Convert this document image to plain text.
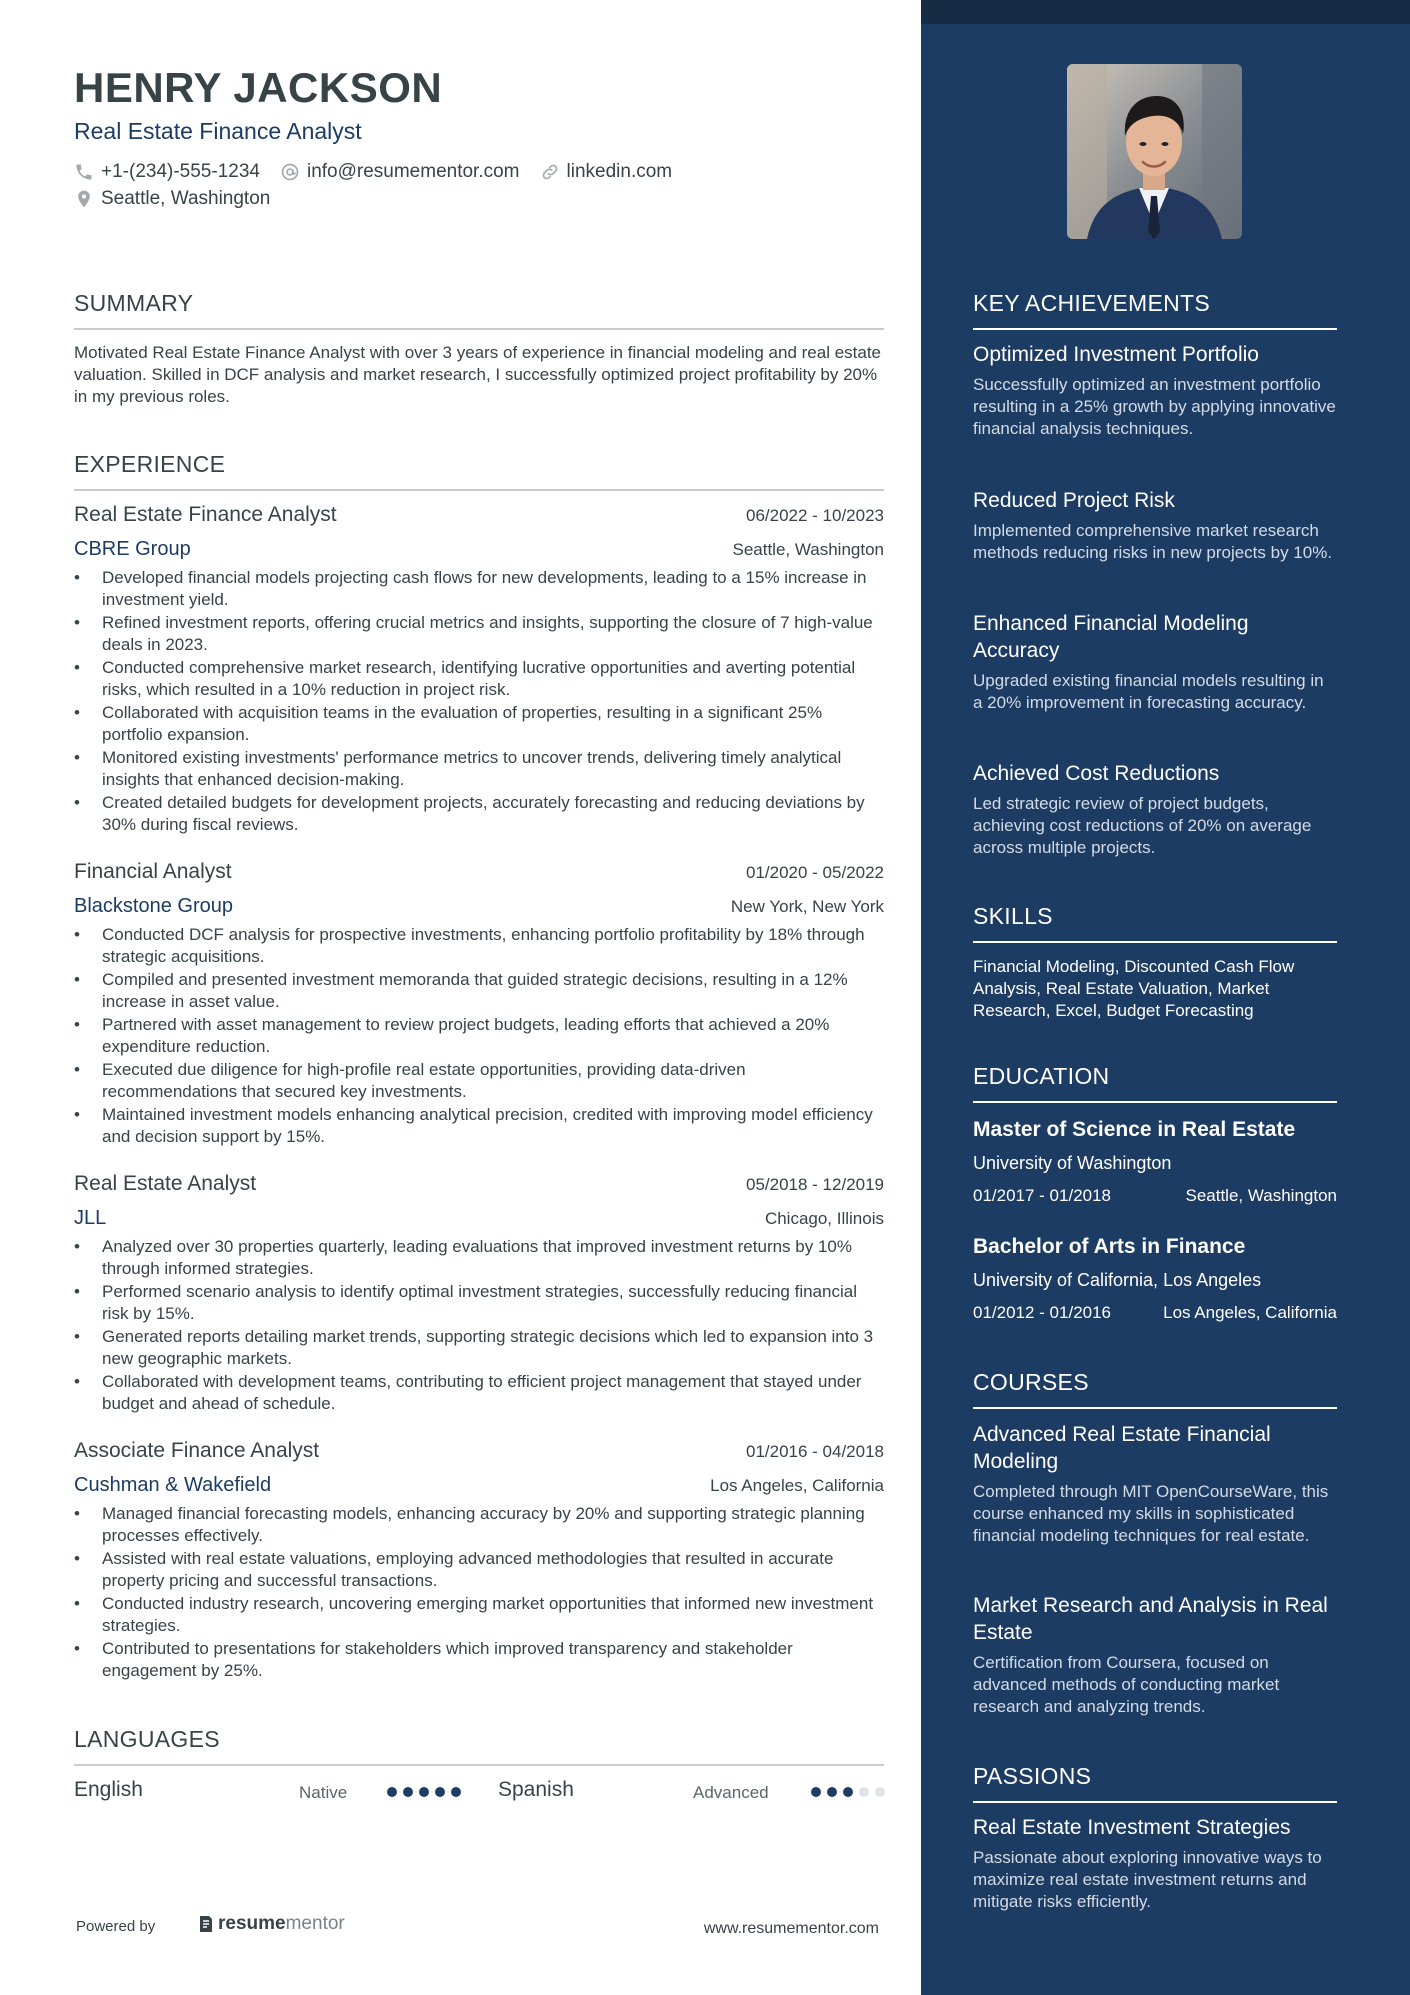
HENRY JACKSON
Real Estate Finance Analyst
+1-(234)-555-1234 info@resumementor.com linkedin.com
Seattle, Washington
SUMMARY
Motivated Real Estate Finance Analyst with over 3 years of experience in financial modeling and real estate valuation. Skilled in DCF analysis and market research, I successfully optimized project profitability by 20% in my previous roles.
EXPERIENCE
Real Estate Finance Analyst	06/2022 - 10/2023
CBRE Group	Seattle, Washington
• Developed financial models projecting cash flows for new developments, leading to a 15% increase in investment yield.
• Refined investment reports, offering crucial metrics and insights, supporting the closure of 7 high-value deals in 2023.
• Conducted comprehensive market research, identifying lucrative opportunities and averting potential risks, which resulted in a 10% reduction in project risk.
• Collaborated with acquisition teams in the evaluation of properties, resulting in a significant 25% portfolio expansion.
• Monitored existing investments' performance metrics to uncover trends, delivering timely analytical insights that enhanced decision-making.
• Created detailed budgets for development projects, accurately forecasting and reducing deviations by 30% during fiscal reviews.
Financial Analyst	01/2020 - 05/2022
Blackstone Group	New York, New York
• Conducted DCF analysis for prospective investments, enhancing portfolio profitability by 18% through strategic acquisitions.
• Compiled and presented investment memoranda that guided strategic decisions, resulting in a 12% increase in asset value.
• Partnered with asset management to review project budgets, leading efforts that achieved a 20% expenditure reduction.
• Executed due diligence for high-profile real estate opportunities, providing data-driven recommendations that secured key investments.
• Maintained investment models enhancing analytical precision, credited with improving model efficiency and decision support by 15%.
Real Estate Analyst	05/2018 - 12/2019
JLL	Chicago, Illinois
• Analyzed over 30 properties quarterly, leading evaluations that improved investment returns by 10% through informed strategies.
• Performed scenario analysis to identify optimal investment strategies, successfully reducing financial risk by 15%.
• Generated reports detailing market trends, supporting strategic decisions which led to expansion into 3 new geographic markets.
• Collaborated with development teams, contributing to efficient project management that stayed under budget and ahead of schedule.
Associate Finance Analyst	01/2016 - 04/2018
Cushman & Wakefield	Los Angeles, California
• Managed financial forecasting models, enhancing accuracy by 20% and supporting strategic planning processes effectively.
• Assisted with real estate valuations, employing advanced methodologies that resulted in accurate property pricing and successful transactions.
• Conducted industry research, uncovering emerging market opportunities that informed new investment strategies.
• Contributed to presentations for stakeholders which improved transparency and stakeholder engagement by 25%.
LANGUAGES
English	Native	Spanish	Advanced
Powered by	resume mentor	www.resumementor.com
KEY ACHIEVEMENTS
Optimized Investment Portfolio
Successfully optimized an investment portfolio resulting in a 25% growth by applying innovative financial analysis techniques.
Reduced Project Risk
Implemented comprehensive market research methods reducing risks in new projects by 10%.
Enhanced Financial Modeling Accuracy
Upgraded existing financial models resulting in a 20% improvement in forecasting accuracy.
Achieved Cost Reductions
Led strategic review of project budgets, achieving cost reductions of 20% on average across multiple projects.
SKILLS
Financial Modeling, Discounted Cash Flow Analysis, Real Estate Valuation, Market Research, Excel, Budget Forecasting
EDUCATION
Master of Science in Real Estate
University of Washington
01/2017 - 01/2018	Seattle, Washington
Bachelor of Arts in Finance
University of California, Los Angeles
01/2012 - 01/2016	Los Angeles, California
COURSES
Advanced Real Estate Financial Modeling
Completed through MIT OpenCourseWare, this course enhanced my skills in sophisticated financial modeling techniques for real estate.
Market Research and Analysis in Real Estate
Certification from Coursera, focused on advanced methods of conducting market research and analyzing trends.
PASSIONS
Real Estate Investment Strategies
Passionate about exploring innovative ways to maximize real estate investment returns and mitigate risks efficiently.
